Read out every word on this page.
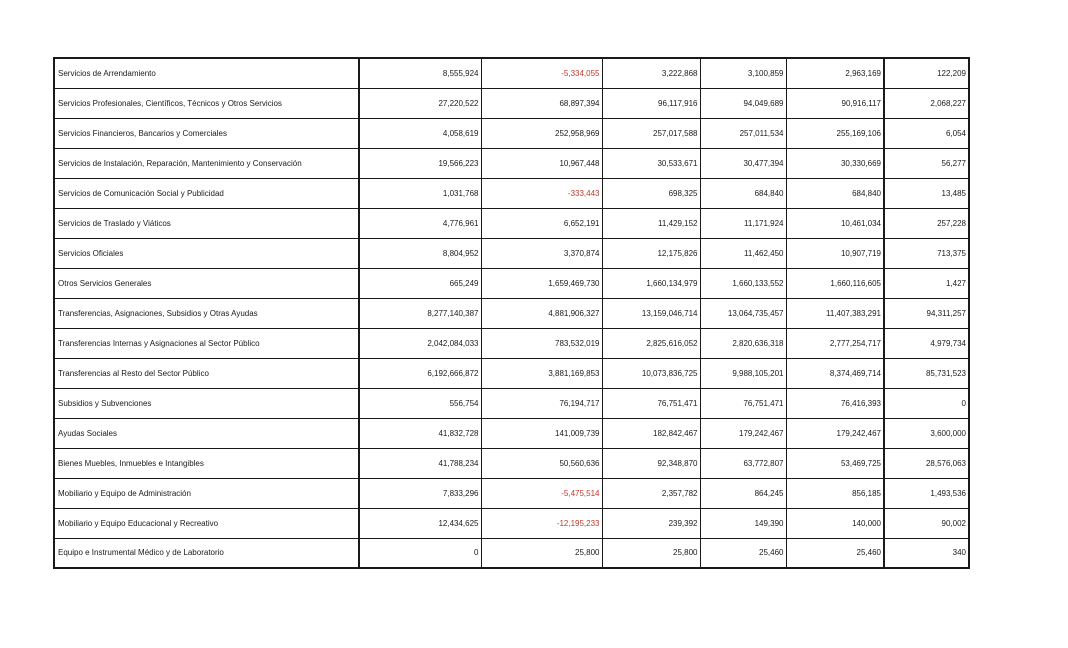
Servicios de Arrendamiento	8,555,924	-5,334,055	3,222,868	3,100,859	2,963,169	122,209
Servicios Profesionales, Científicos, Técnicos y Otros Servicios	27,220,522	68,897,394	96,117,916	94,049,689	90,916,117	2,068,227
Servicios Financieros, Bancarios y Comerciales	4,058,619	252,958,969	257,017,588	257,011,534	255,169,106	6,054
Servicios de Instalación, Reparación, Mantenimiento y Conservación	19,566,223	10,967,448	30,533,671	30,477,394	30,330,669	56,277
Servicios de Comunicación Social y Publicidad	1,031,768	-333,443	698,325	684,840	684,840	13,485
Servicios de Traslado y Viáticos	4,776,961	6,652,191	11,429,152	11,171,924	10,461,034	257,228
Servicios Oficiales	8,804,952	3,370,874	12,175,826	11,462,450	10,907,719	713,375
Otros Servicios Generales	665,249	1,659,469,730	1,660,134,979	1,660,133,552	1,660,116,605	1,427
Transferencias, Asignaciones, Subsidios y Otras Ayudas	8,277,140,387	4,881,906,327	13,159,046,714	13,064,735,457	11,407,383,291	94,311,257
Transferencias Internas y Asignaciones al Sector Público	2,042,084,033	783,532,019	2,825,616,052	2,820,636,318	2,777,254,717	4,979,734
Transferencias al Resto del Sector Público	6,192,666,872	3,881,169,853	10,073,836,725	9,988,105,201	8,374,469,714	85,731,523
Subsidios y Subvenciones	556,754	76,194,717	76,751,471	76,751,471	76,416,393	0
Ayudas Sociales	41,832,728	141,009,739	182,842,467	179,242,467	179,242,467	3,600,000
Bienes Muebles, Inmuebles e Intangibles	41,788,234	50,560,636	92,348,870	63,772,807	53,469,725	28,576,063
Mobiliario y Equipo de Administración	7,833,296	-5,475,514	2,357,782	864,245	856,185	1,493,536
Mobiliario y Equipo Educacional y Recreativo	12,434,625	-12,195,233	239,392	149,390	140,000	90,002
Equipo e Instrumental Médico y de Laboratorio	0	25,800	25,800	25,460	25,460	340
